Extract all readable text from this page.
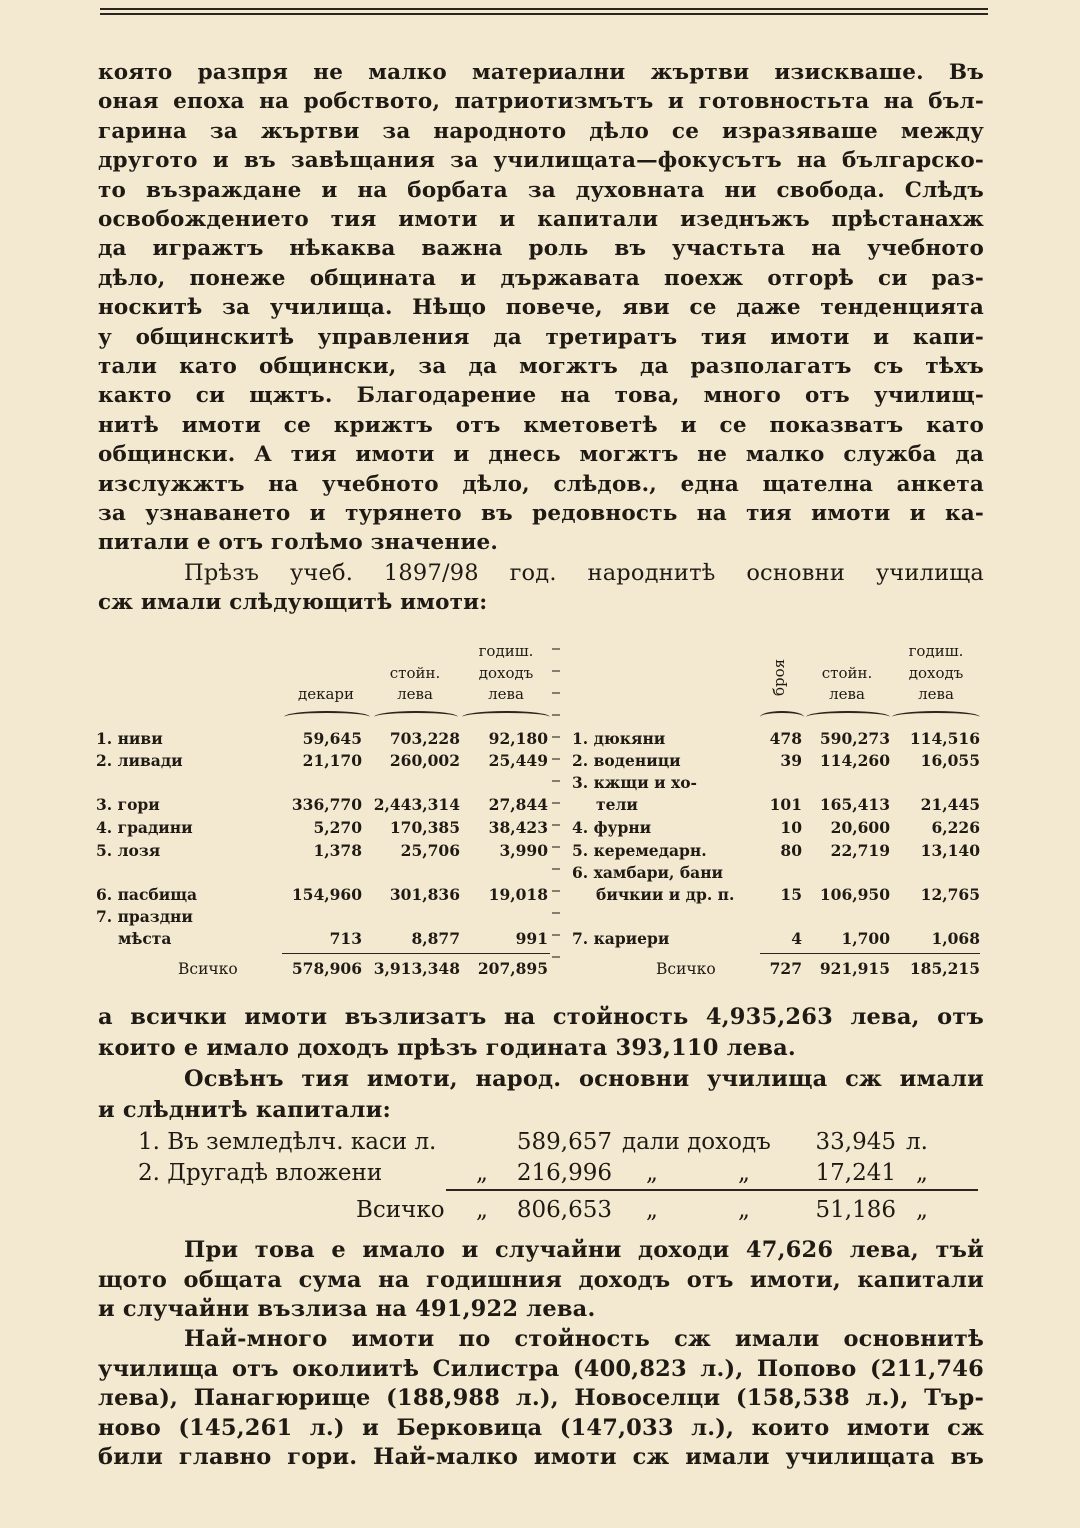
която разпря не малко материални жъртви изискваше. Въ
оная епоха на робството, патриотизмътъ и готовностьта на бъл-
гарина за жъртви за народното дѣло се изразяваше между
другото и въ завѣщания за училищата—фокусътъ на българско-
то възраждане и на борбата за духовната ни свобода. Слѣдъ
освобождението тия имоти и капитали изеднъжъ прѣстанахж
да игражтъ нѣкаква важна роль въ участьта на учебното
дѣло, понеже общината и държавата поехж отгорѣ си раз-
носкитѣ за училища. Нѣщо повече, яви се даже тенденцията
у общинскитѣ управления да третиратъ тия имоти и капи-
тали като общински, за да могжтъ да разполагатъ съ тѣхъ
както си щжтъ. Благодарение на това, много отъ училищ-
нитѣ имоти се крижтъ отъ кметоветѣ и се показватъ като
общински. А тия имоти и днесь могжтъ не малко служба да
изслужжтъ на учебното дѣло, слѣдов., една щателна анкета
за узнаването и турянето въ редовность на тия имоти и ка-
питали е отъ голѣмо значение.
Прѣзъ учеб. 1897/98 год. народнитѣ основни училища
сж имали слѣдующитѣ имоти:
декари
стойн.
лева
годиш.
доходъ
лева
1. ниви	59,645	703,228	92,180
2. ливади	21,170	260,002	25,449
3. гори	336,770 2,443,314	27,844
4. градини	5,270	170,385	38,423
5. лозя	1,378	25,706	3,990
6. пасбища	154,960	301,836	19,018
7. праздни
мѣста	713	8,877	991
Всичко	578,906 3,913,348	207,895
броя	стойн.
лева
годиш.
доходъ
лева
1. дюкяни	478	590,273	114,516
2. воденици	39	114,260	16,055
3. кжщи и хо-
тели	101	165,413	21,445
4. фурни	10	20,600	6,226
5. керемедарн.	80	22,719	13,140
6. хамбари, бани
бичкии и др. п.	15	106,950	12,765
7. кариери	4	1,700	1,068
Всичко	727	921,915	185,215
а всички имоти възлизатъ на стойность 4,935,263 лева, отъ
които е имало доходъ прѣзъ годината 393,110 лева.
Освѣнъ тия имоти, народ. основни училища сж имали
и слѣднитѣ капитали:
1. Въ земледѣлч. каси л.	589,657 дали доходъ	33,945 л.
2. Другадѣ вложени	„	216,996 „	„	17,241 „
Всичко „	806,653 „	„	51,186 „
При това е имало и случайни доходи 47,626 лева, тъй
щото общата сума на годишния доходъ отъ имоти, капитали
и случайни възлиза на 491,922 лева.
Най-много имоти по стойность сж имали основнитѣ
училища отъ околиитѣ Силистра (400,823 л.), Попово (211,746
лева), Панагюрище (188,988 л.), Новоселци (158,538 л.), Тър-
ново (145,261 л.) и Берковица (147,033 л.), които имоти сж
били главно гори. Най-малко имоти сж имали училищата въ
